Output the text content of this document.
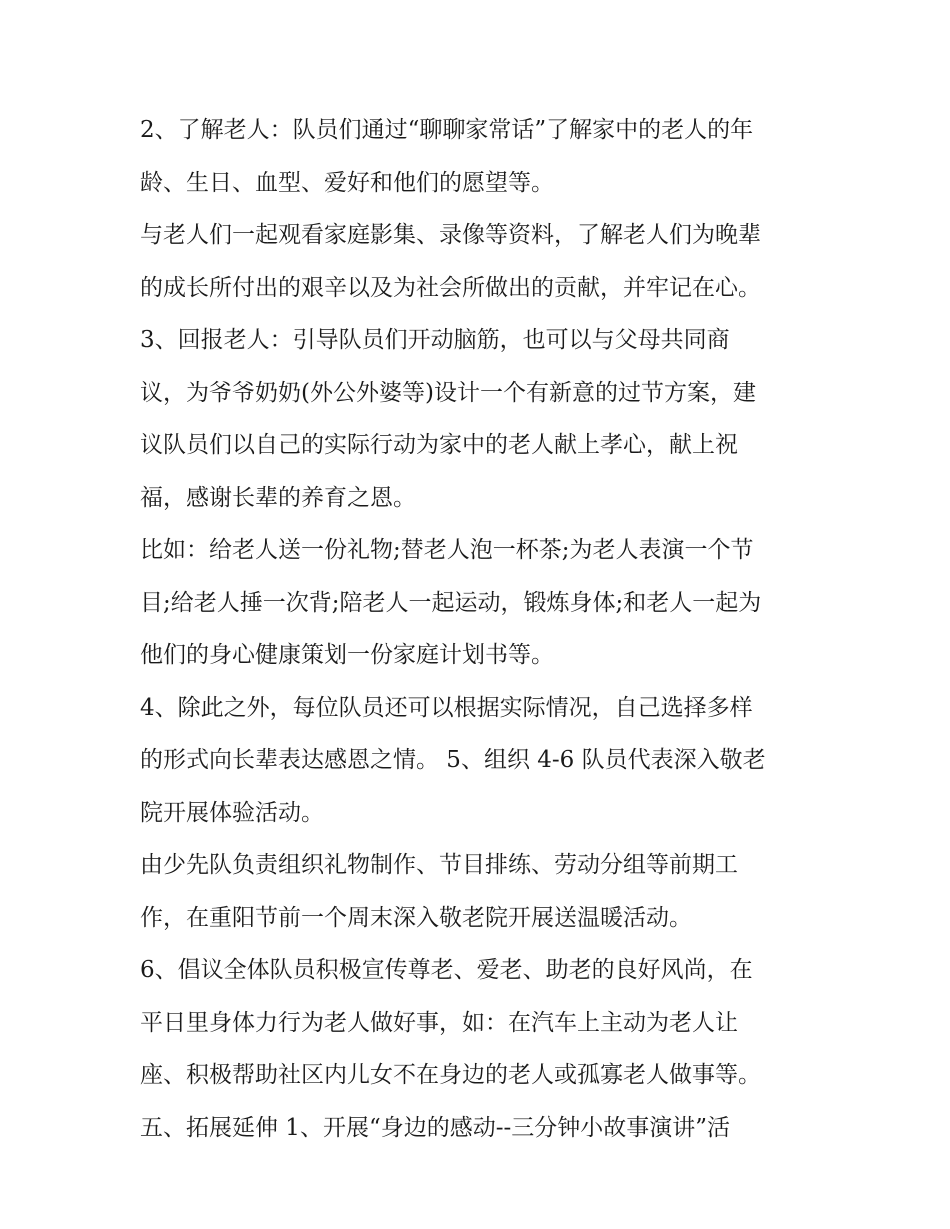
2、了解老人：队员们通过“聊聊家常话”了解家中的老人的年
龄、生日、血型、爱好和他们的愿望等。
与老人们一起观看家庭影集、录像等资料，了解老人们为晚辈
的成长所付出的艰辛以及为社会所做出的贡献，并牢记在心。
3、回报老人：引导队员们开动脑筋，也可以与父母共同商
议，为爷爷奶奶(外公外婆等)设计一个有新意的过节方案，建
议队员们以自己的实际行动为家中的老人献上孝心，献上祝
福，感谢长辈的养育之恩。
比如：给老人送一份礼物;替老人泡一杯茶;为老人表演一个节
目;给老人捶一次背;陪老人一起运动，锻炼身体;和老人一起为
他们的身心健康策划一份家庭计划书等。
4、除此之外，每位队员还可以根据实际情况，自己选择多样
的形式向长辈表达感恩之情。 5、组织 4-6 队员代表深入敬老
院开展体验活动。
由少先队负责组织礼物制作、节目排练、劳动分组等前期工
作，在重阳节前一个周末深入敬老院开展送温暖活动。
6、倡议全体队员积极宣传尊老、爱老、助老的良好风尚，在
平日里身体力行为老人做好事，如：在汽车上主动为老人让
座、积极帮助社区内儿女不在身边的老人或孤寡老人做事等。
五、拓展延伸 1、开展“身边的感动--三分钟小故事演讲”活
